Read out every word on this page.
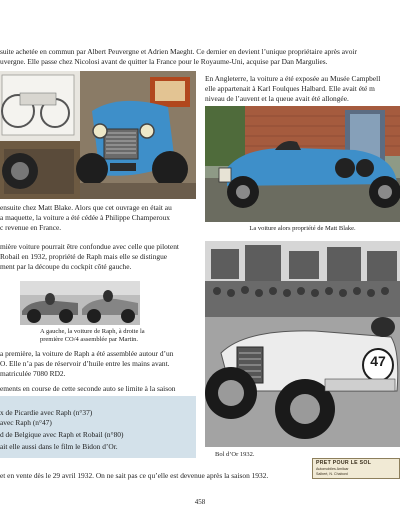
suite achetée en commun par Albert Peuvergne et Adrien Maeght. Ce dernier en devient l’unique propriétaire après avoir

uvergne. Elle passe chez Nicolosi avant de quitter la France pour le Royaume-Uni, acquise par Dan Margulies.

En Angleterre, la voiture a été exposée au Musée Campbell

elle appartenait à Karl Foulques Halbard. Elle avait été m

niveau de l’auvent et la queue avait été allongée.

La voiture alors propriété de Matt Blake.

ensuite chez Matt Blake. Alors que cet ouvrage en était au

a maquette, la voiture a été cédée à Philippe Champeroux

c revenue en France.

mière voiture pourrait être confondue avec celle que pilotent

Robail en 1932, propriété de Raph mais elle se distingue

ment par la découpe du cockpit côté gauche.

A gauche, la voiture de Raph, à droite la

première CO/4 assemblée par Martin.

a première, la voiture de Raph a été assemblée autour d’un

O. Elle n’a pas de réservoir d’huile entre les mains avant.

matriculée 7080 RD2.

ements en course de cette seconde auto se limite à la saison

x de Picardie avec Raph (n°37)

avec Raph (n°47)

d de Belgique avec Raph et Robail (n°80)

ait elle aussi dans le film le Bidon d’Or.

47

Bol d’Or 1932.

PRET POUR LE SOL
Automobiles Amilcar
Salbert, N. Chabord

et en vente dès le 29 avril 1932. On ne sait pas ce qu’elle est devenue après la saison 1932.

458
